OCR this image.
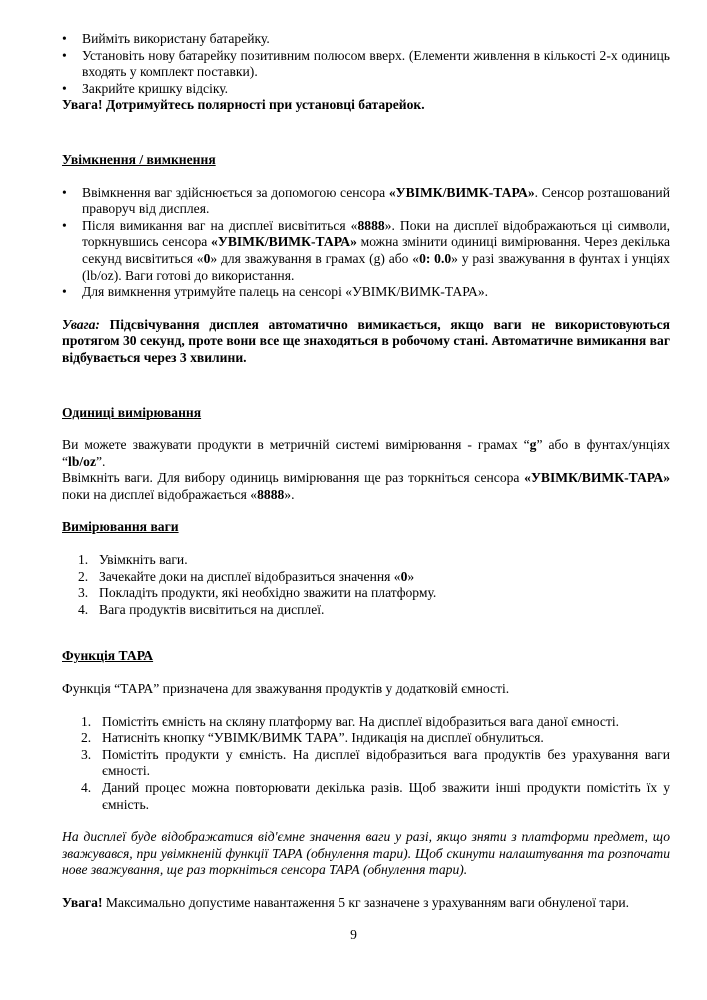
• Вийміть використану батарейку.
• Установіть нову батарейку позитивним полюсом вверх. (Елементи живлення в кількості 2-х одиниць входять у комплект поставки).
• Закрийте кришку відсіку.

Увага! Дотримуйтесь полярності при установці батарейок.

Увімкнення / вимкнення

• Ввімкнення ваг здійснюється за допомогою сенсора «УВІМК/ВИМК-ТАРА». Сенсор розташований праворуч від дисплея.
• Після вимикання ваг на дисплеї висвітиться «8888». Поки на дисплеї відображаються ці символи, торкнувшись сенсора «УВІМК/ВИМК-ТАРА» можна змінити одиниці вимірювання. Через декілька секунд висвітиться «0» для зважування в грамах (g) або «0: 0.0» у разі зважування в фунтах і унціях (lb/oz). Ваги готові до використання.
• Для вимкнення утримуйте палець на сенсорі «УВІМК/ВИМК-ТАРА».

Увага: Підсвічування дисплея автоматично вимикається, якщо ваги не використовуються протягом 30 секунд, проте вони все ще знаходяться в робочому стані. Автоматичне вимикання ваг відбувається через 3 хвилини.

Одиниці вимірювання

Ви можете зважувати продукти в метричній системі вимірювання - грамах “g” або в фунтах/унціях “lb/oz”.

Ввімкніть ваги. Для вибору одиниць вимірювання ще раз торкніться сенсора «УВІМК/ВИМК-ТАРА» поки на дисплеї відображається «8888».

Вимірювання ваги

1. Увімкніть ваги.
2. Зачекайте доки на дисплеї відобразиться значення «0»
3. Покладіть продукти, які необхідно зважити на платформу.
4. Вага продуктів висвітиться на дисплеї.

Функція ТАРА

Функція “ТАРА” призначена для зважування продуктів у додатковій ємності.

1. Помістіть ємність на скляну платформу ваг. На дисплеї відобразиться вага даної ємності.
2. Натисніть кнопку “УВІМК/ВИМК ТАРА”. Індикація на дисплеї обнулиться.
3. Помістіть продукти у ємність. На дисплеї відобразиться вага продуктів без урахування ваги ємності.
4. Даний процес можна повторювати декілька разів. Щоб зважити інші продукти помістіть їх у ємність.

На дисплеї буде відображатися від'ємне значення ваги у разі, якщо зняти з платформи предмет, що зважувався, при увімкненій функції ТАРА (обнулення тари). Щоб скинути налаштування та розпочати нове зважування, ще раз торкніться сенсора ТАРА (обнулення тари).

Увага! Максимально допустиме навантаження 5 кг зазначене з урахуванням ваги обнуленої тари.

9
